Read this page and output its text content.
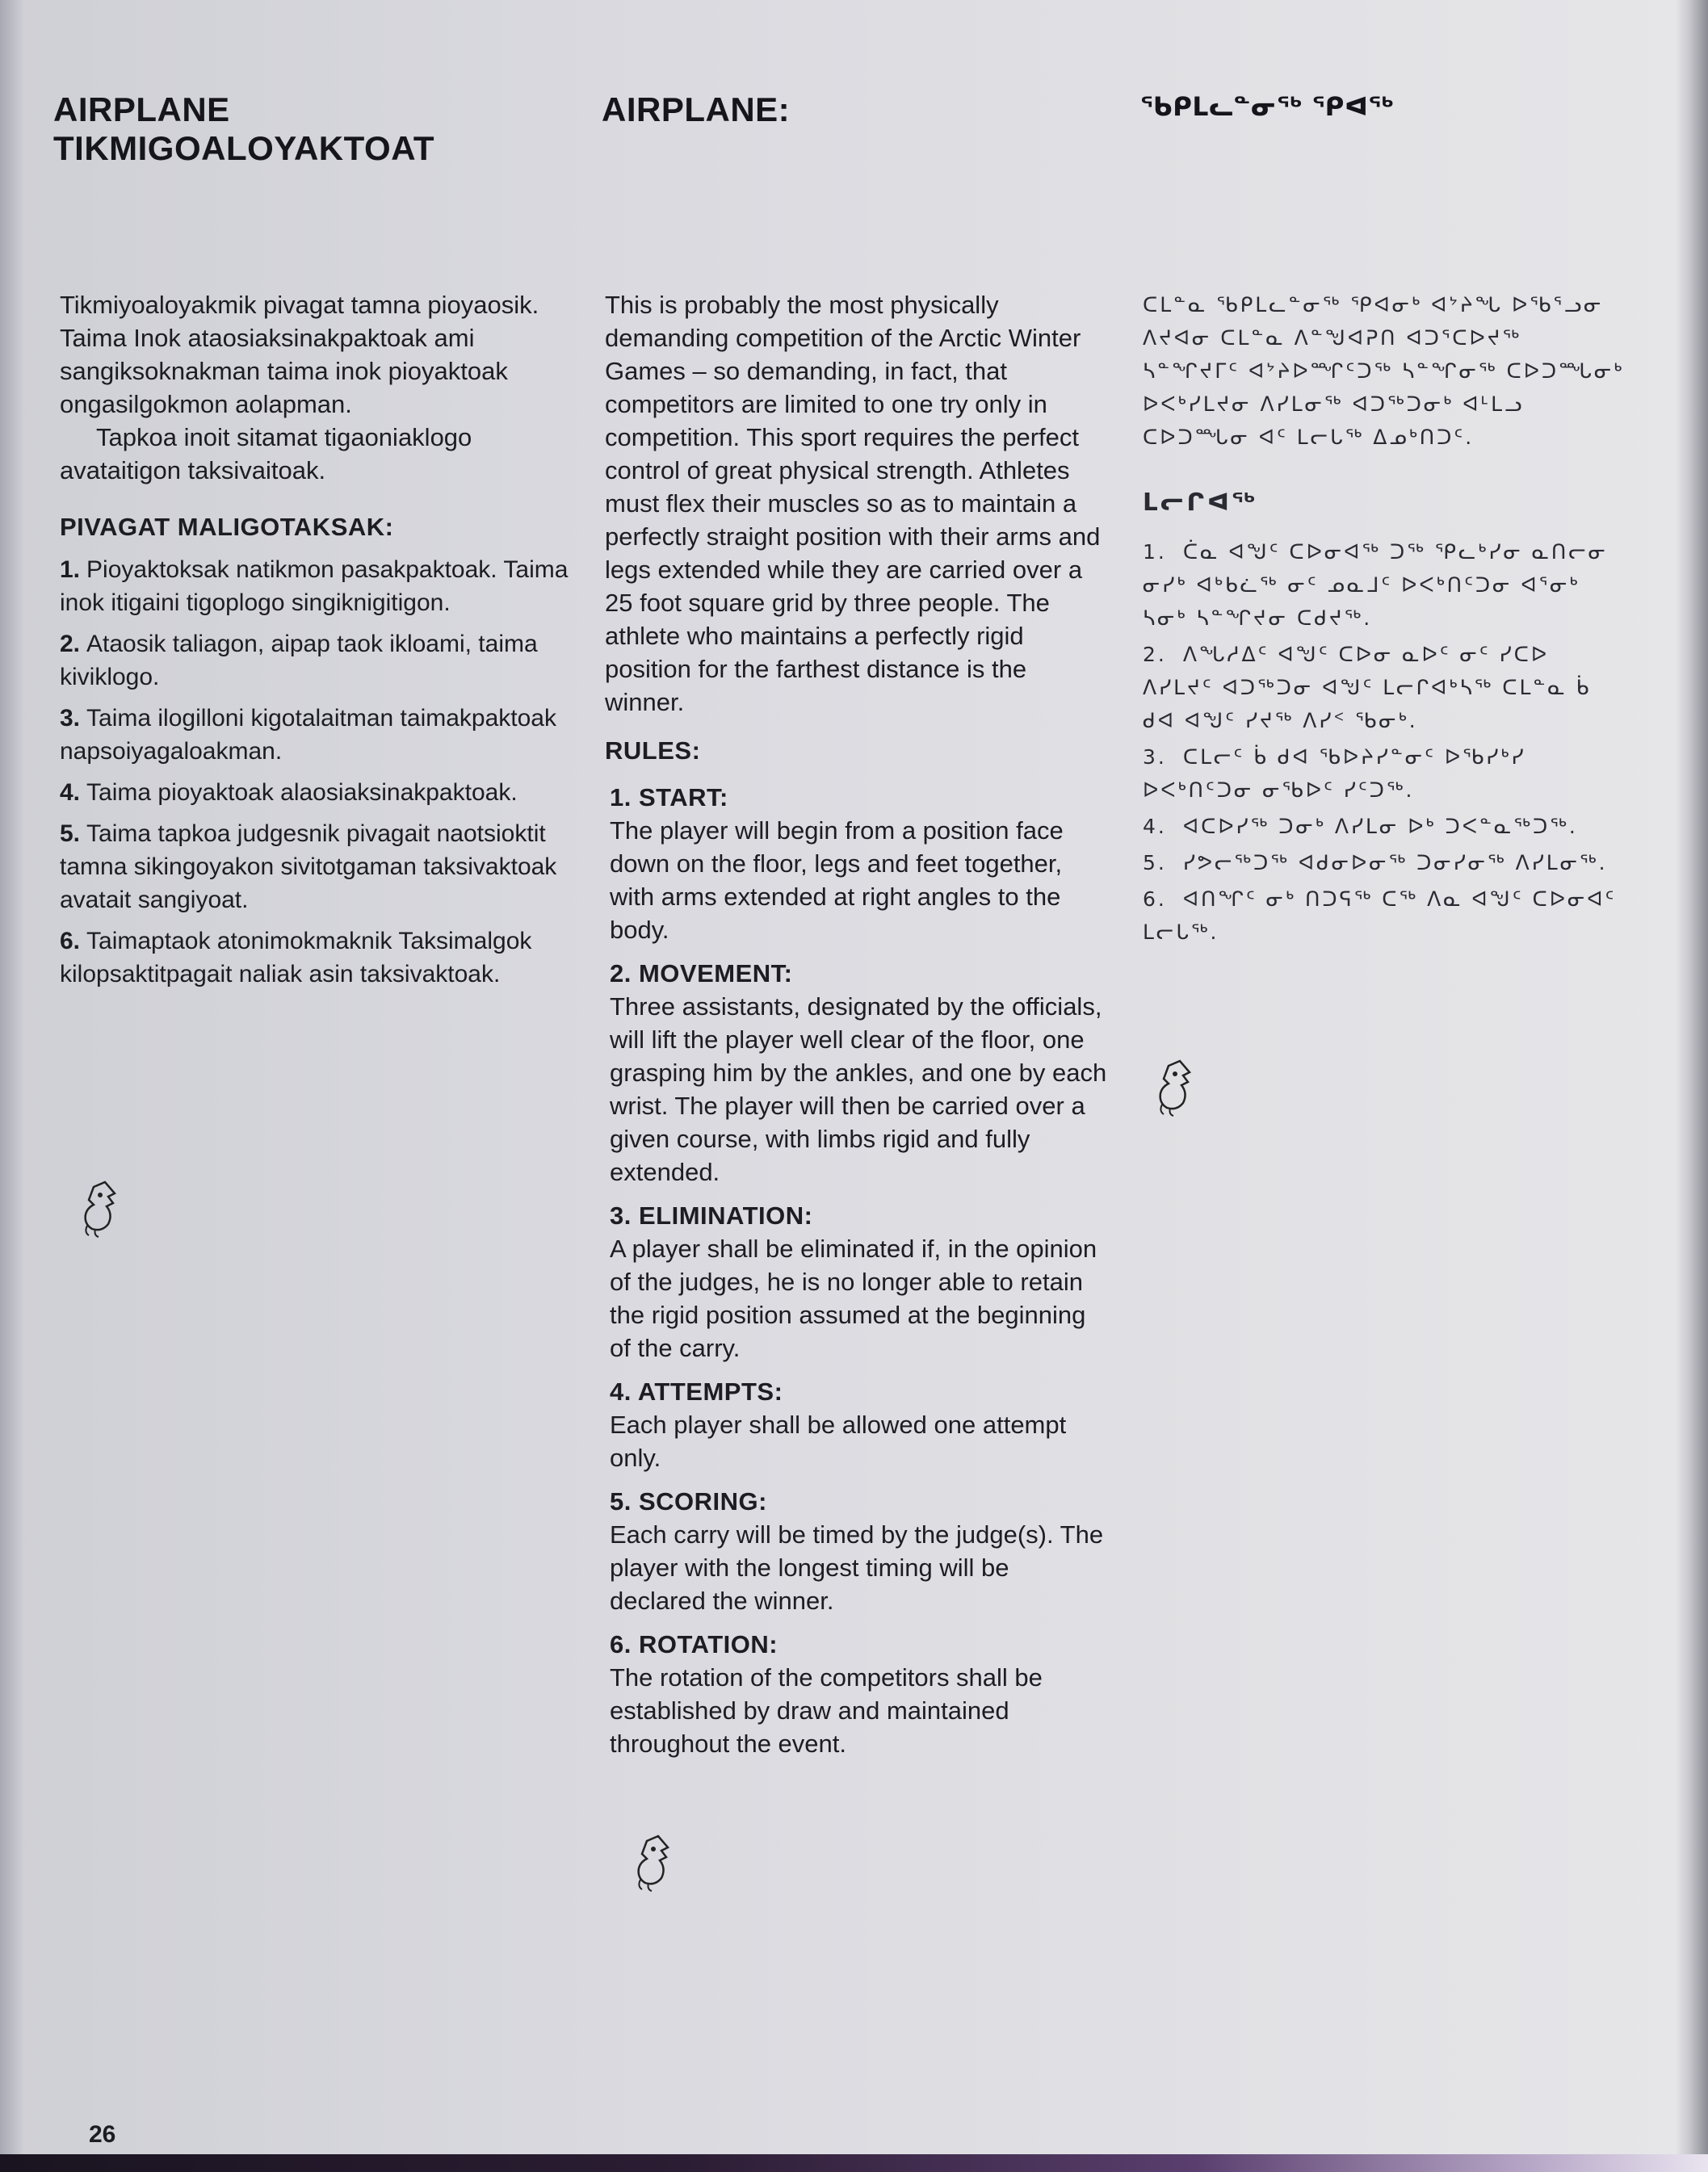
AIRPLANE
TIKMIGOALOYAKTOAT

Tikmiyoaloyakmik pivagat tamna pioyaosik. Taima Inok ataosiaksinakpaktoak ami sangiksoknakman taima inok pioyaktoak ongasilgokmon aolapman.

Tapkoa inoit sitamat tigaoniaklogo avataitigon taksivaitoak.

PIVAGAT MALIGOTAKSAK:

1. Pioyaktoksak natikmon pasakpaktoak. Taima inok itigaini tigoplogo singiknigitigon.

2. Ataosik taliagon, aipap taok ikloami, taima kiviklogo.

3. Taima ilogilloni kigotalaitman taimakpaktoak napsoiyagaloakman.

4. Taima pioyaktoak alaosiaksinakpaktoak.

5. Taima tapkoa judgesnik pivagait naotsioktit tamna sikingoyakon sivitotgaman taksivaktoak avatait sangiyoat.

6. Taimaptaok atonimokmaknik Taksimalgok kilopsaktitpagait naliak asin taksivaktoak.

AIRPLANE:

This is probably the most physically demanding competition of the Arctic Winter Games – so demanding, in fact, that competitors are limited to one try only in competition. This sport requires the perfect control of great physical strength. Athletes must flex their muscles so as to maintain a perfectly straight position with their arms and legs extended while they are carried over a 25 foot square grid by three people. The athlete who maintains a perfectly rigid position for the farthest distance is the winner.

RULES:

1. START:

The player will begin from a position face down on the floor, legs and feet together, with arms extended at right angles to the body.

2. MOVEMENT:

Three assistants, designated by the officials, will lift the player well clear of the floor, one grasping him by the ankles, and one by each wrist. The player will then be carried over a given course, with limbs rigid and fully extended.

3. ELIMINATION:

A player shall be eliminated if, in the opinion of the judges, he is no longer able to retain the rigid position assumed at the beginning of the carry.

4. ATTEMPTS:

Each player shall be allowed one attempt only.

5. SCORING:

Each carry will be timed by the judge(s). The player with the longest timing will be declared the winner.

6. ROTATION:

The rotation of the competitors shall be established by draw and maintained throughout the event.

ᖃᑭᒪᓚᓐᓂᖅ ᕿᐊᖅ

ᑕᒪᓐᓇ ᖃᑭᒪᓚᓐᓂᖅ ᕿᐊᓂᒃ ᐊᔾᔨᖓ ᐅᖃᕐᓗᓂ ᐱᔪᐊᓂ ᑕᒪᓐᓇ ᐱᓐᖑᐊᕈᑎ ᐊᑐᕐᑕᐅᔪᖅ ᓴᓐᖏᔪᒥᑦ ᐊᔾᔨᐅᙱᑦᑐᖅ ᓴᓐᖏᓂᖅ ᑕᐅᑐᙵᓂᒃ ᐅᐸᒃᓯᒪᔪᓂ ᐱᓯᒪᓂᖅ ᐊᑐᖅᑐᓂᒃ ᐊᒻᒪᓗ ᑕᐅᑐᙵᓂ ᐊᑦ ᒪᓕᒐᖅ ᐃᓄᒃᑎᑐᑦ.

ᒪᓕᒋᐊᖅ

1. ᑖᓇ ᐊᖑᑦ ᑕᐅᓂᐊᖅ ᑐᖅ ᕿᓚᒃᓯᓂ ᓇᑎᓕᓂ ᓂᓯᒃ ᐊᒃᑲᓛᖅ ᓂᑦ ᓄᓇᒧᑦ ᐅᐸᒃᑎᑦᑐᓂ ᐊᕐᓂᒃ ᓴᓂᒃ ᓴᓐᖏᔪᓂ ᑕᑯᔪᖅ.

2. ᐱᖓᓱᐃᑦ ᐊᖑᑦ ᑕᐅᓂ ᓇᐅᑦ ᓂᑦ ᓯᑕᐅ ᐱᓯᒪᔪᑦ ᐊᑐᖅᑐᓂ ᐊᖑᑦ ᒪᓕᒋᐊᒃᓴᖅ ᑕᒪᓐᓇ ᑳ ᑯᐊ ᐊᖑᑦ ᓯᔪᖅ ᐱᓯᑉ ᖃᓂᒃ.

3. ᑕᒪᓕᑦ ᑳ ᑯᐊ ᖃᐅᔨᓯᓐᓂᑦ ᐅᖃᓯᒃᓯ ᐅᐸᒃᑎᑦᑐᓂ ᓂᖃᐅᑦ ᓯᑦᑐᖅ.

4. ᐊᑕᐅᓯᖅ ᑐᓂᒃ ᐱᓯᒪᓂ ᐅᒃ ᑐᐸᓐᓇᖅᑐᖅ.

5. ᓯᕗᓕᖅᑐᖅ ᐊᑯᓂᐅᓂᖅ ᑐᓂᓯᓂᖅ ᐱᓯᒪᓂᖅ.

6. ᐊᑎᖏᑦ ᓂᒃ ᑎᑐᕋᖅ ᑕᖅ ᐱᓇ ᐊᖑᑦ ᑕᐅᓂᐊᑦ ᒪᓕᒐᖅ.

26
